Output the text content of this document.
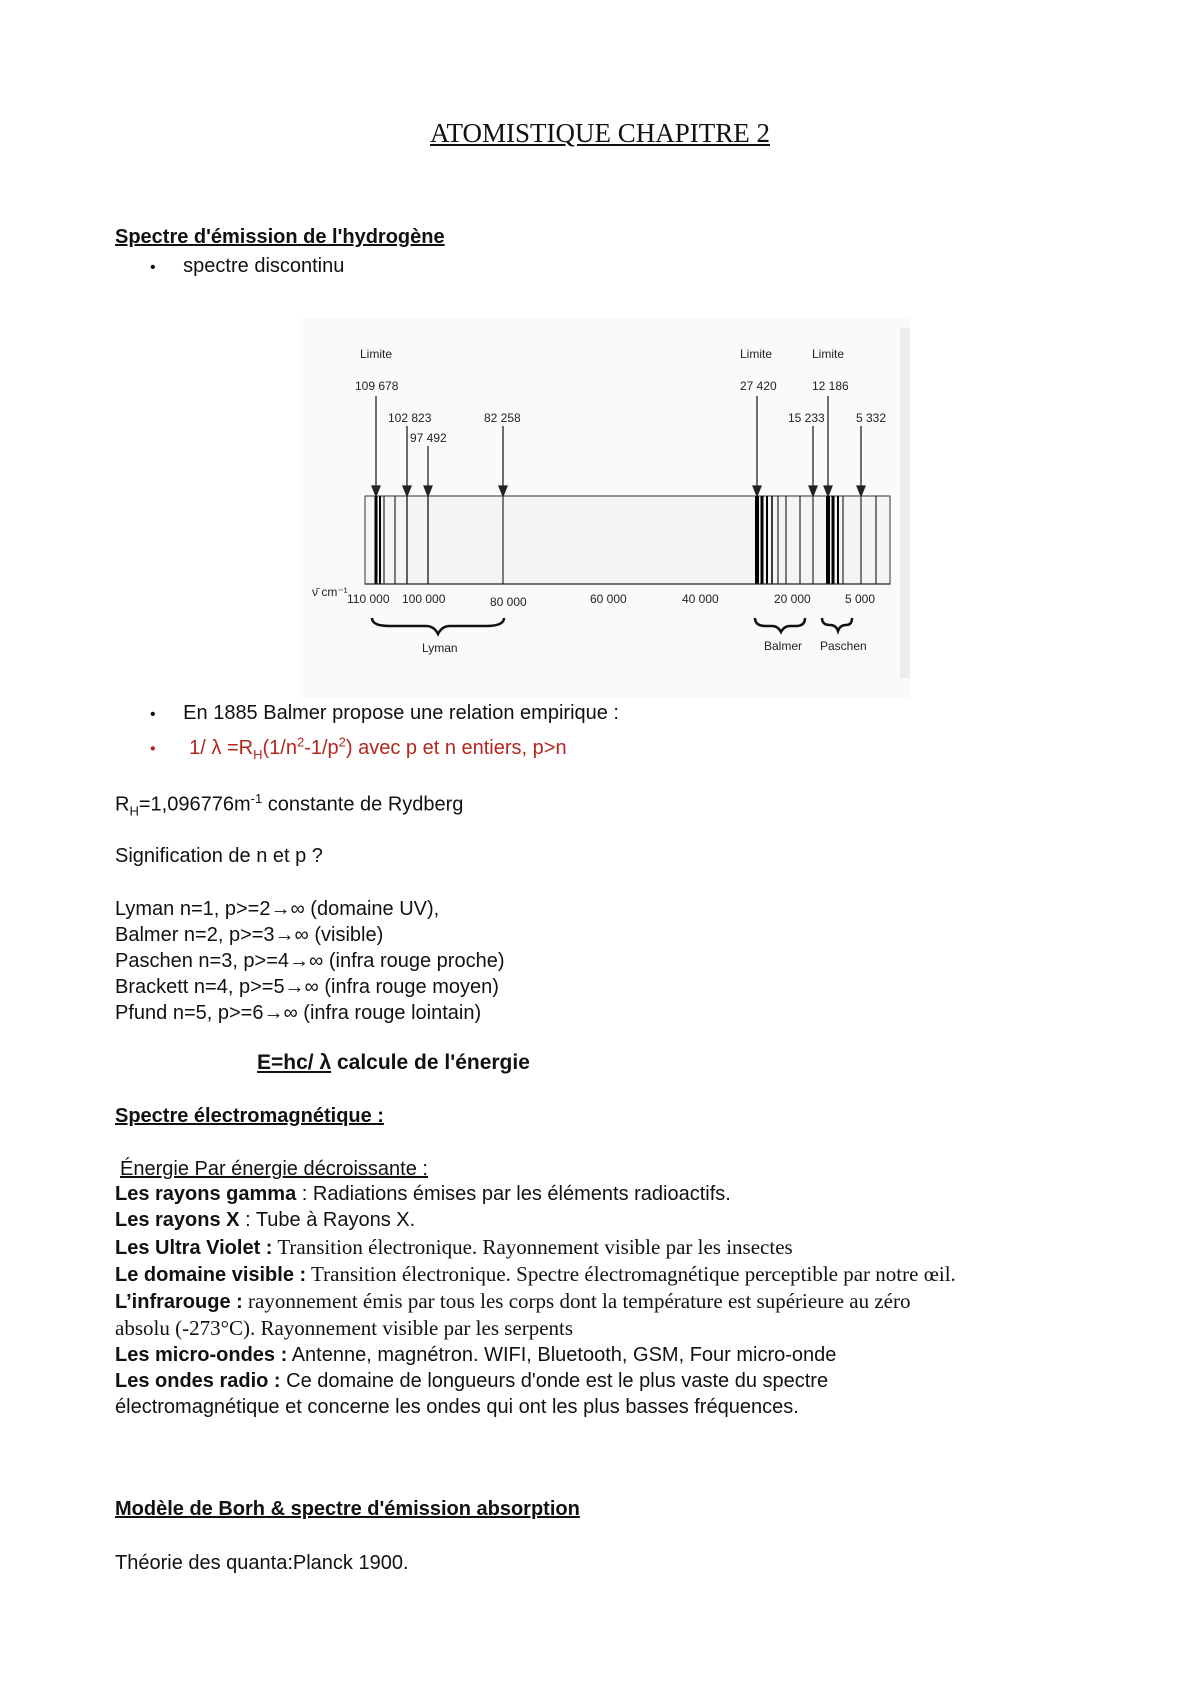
ATOMISTIQUE CHAPITRE 2
Spectre d'émission de l'hydrogène
• spectre discontinu
Limite	Limite	Limite
109 678
102 823
97 492
82 258
27 420
15 233
12 186
5 332
ν̄ cm⁻¹ 110 000 100 000	80 000	60 000	40 000	20 000	5 000
Lyman	Balmer Paschen
• En 1885 Balmer propose une relation empirique :
• 1/ $\lambda =R_H(1/n^2-1/p^2)$ avec p et n entiers, p>n
$R_H=1,096776m^{-1}$ constante de Rydberg
Signification de n et p ?
Lyman n=1, p>=2→∞ (domaine UV),
Balmer n=2, p>=3→∞ (visible)
Paschen n=3, p>=4→∞ (infra rouge proche)
Brackett n=4, p>=5→∞ (infra rouge moyen)
Pfund n=5, p>=6→∞ (infra rouge lointain)
E=hc/ λ calcule de l'énergie
Spectre électromagnétique :
Énergie Par énergie décroissante :
Les rayons gamma : Radiations émises par les éléments radioactifs.
Les rayons X : Tube à Rayons X.
Les Ultra Violet : Transition électronique. Rayonnement visible par les insectes
Le domaine visible : Transition électronique. Spectre électromagnétique perceptible par notre œil.
L’infrarouge : rayonnement émis par tous les corps dont la température est supérieure au zéro
absolu (-273°C). Rayonnement visible par les serpents
Les micro-ondes : Antenne, magnétron. WIFI, Bluetooth, GSM, Four micro-onde
Les ondes radio : Ce domaine de longueurs d'onde est le plus vaste du spectre
électromagnétique et concerne les ondes qui ont les plus basses fréquences.
Modèle de Borh & spectre d'émission absorption
Théorie des quanta:Planck 1900.
